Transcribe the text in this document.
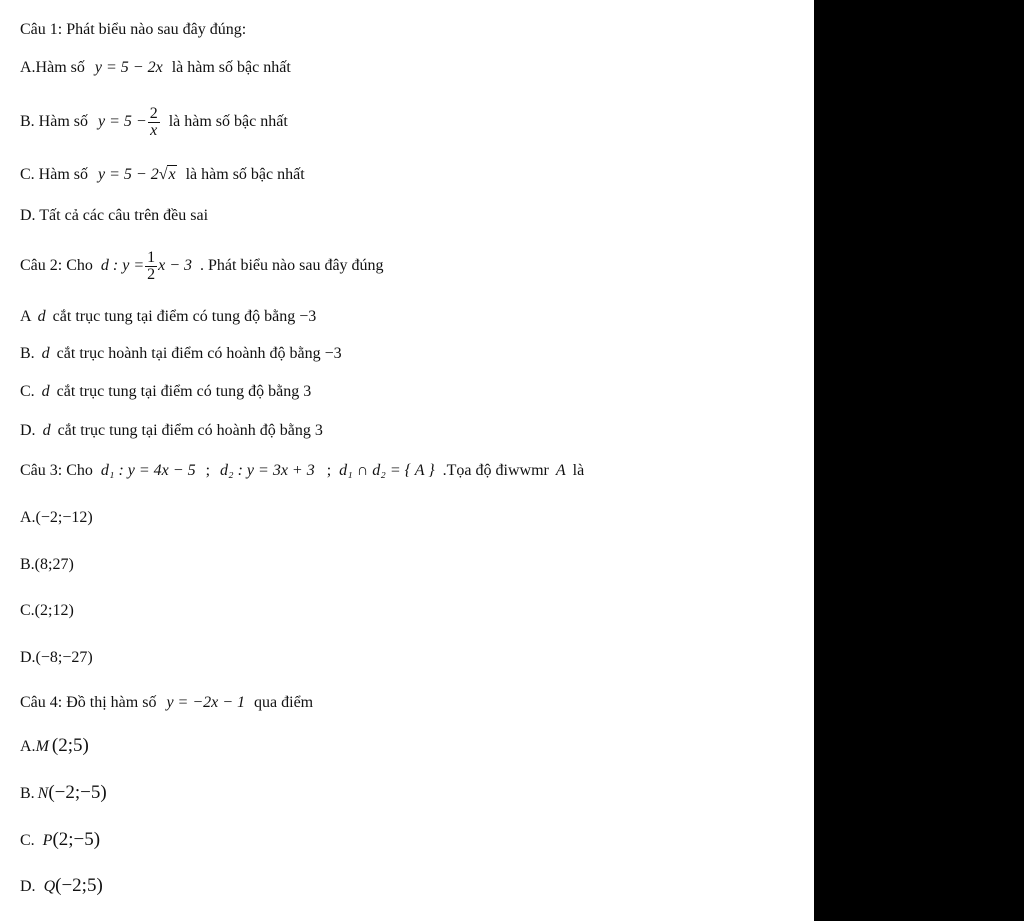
Câu 1: Phát biểu nào sau đây đúng:
A.Hàm số y = 5 − 2x là hàm số bậc nhất
B. Hàm số $y = 5 - \frac{2}{x}$ là hàm số bậc nhất
C. Hàm số y = 5 − 2√x là hàm số bậc nhất
D. Tất cả các câu trên đều sai
Câu 2: Cho d : $y = \frac{1}{2}$ x − 3 . Phát biểu nào sau đây đúng
A d cắt trục tung tại điểm có tung độ bằng −3
B. d cắt trục hoành tại điểm có hoành độ bằng −3
C. d cắt trục tung tại điểm có tung độ bằng 3
D. d cắt trục tung tại điểm có hoành độ bằng 3
Câu 3: Cho d₁ : y = 4x − 5 ; d₂ : y = 3x + 3 ; d₁ ∩ d₂ = { A } .Tọa độ điwwmr A là
A.(−2;−12)
B.(8;27)
C.(2;12)
D.(−8;−27)
Câu 4: Đồ thị hàm số y = −2x − 1 qua điểm
A.M (2;5)
B. N(−2;−5)
C. P(2;−5)
D. Q(−2;5)
